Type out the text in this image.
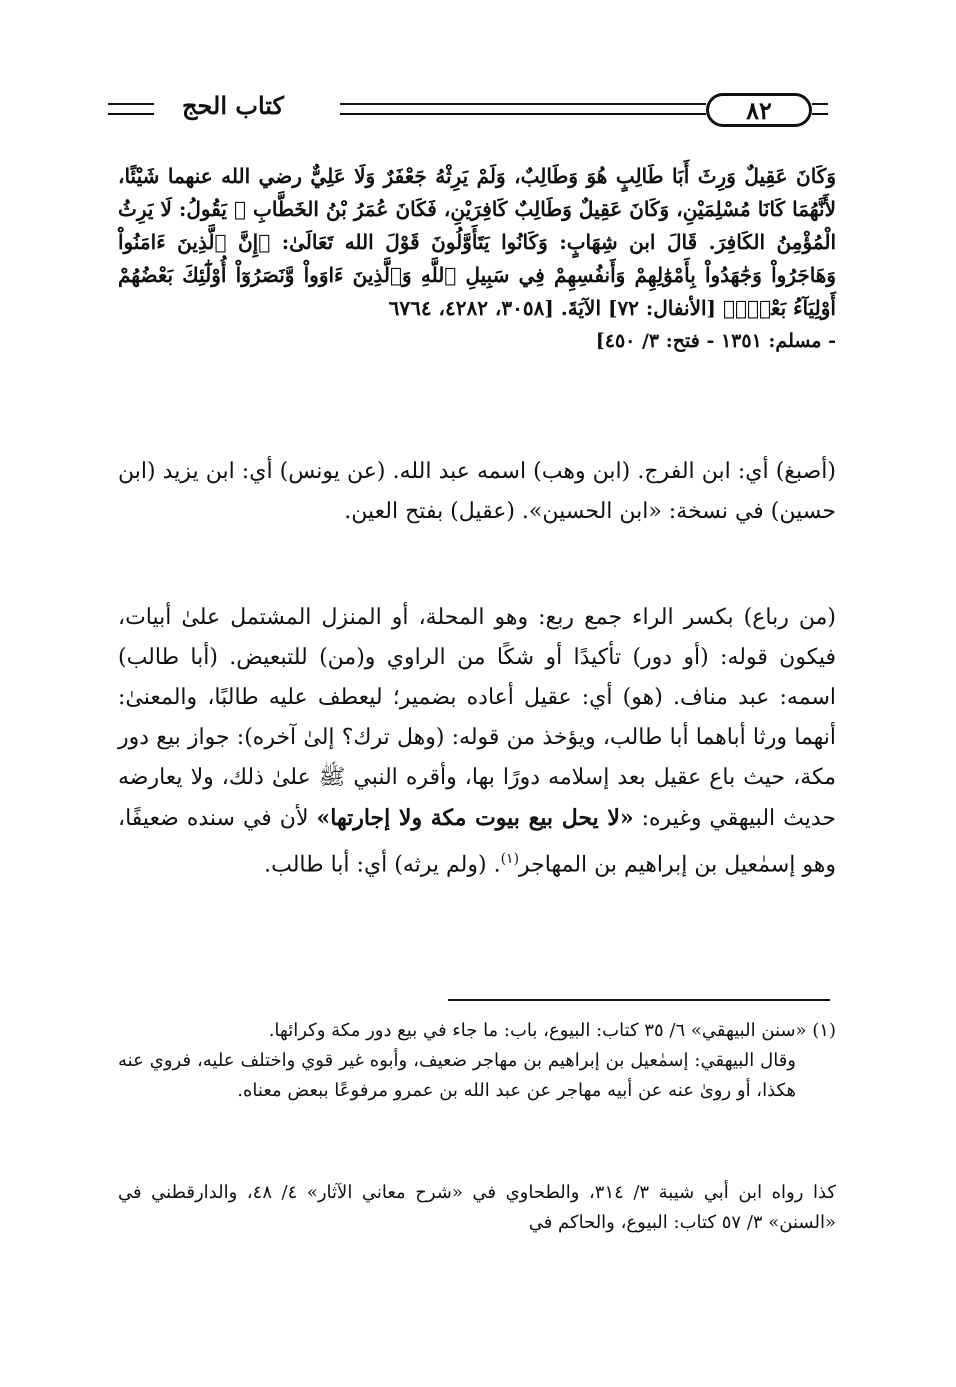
٨٢
كتاب الحج
وَكَانَ عَقِيلٌ وَرِثَ أَبَا طَالِبٍ هُوَ وَطَالِبٌ، وَلَمْ يَرِثْهُ جَعْفَرٌ وَلَا عَلِيٌّ رضي الله عنهما شَيْئًا، لأَنَّهُمَا كَانَا مُسْلِمَيْنِ، وَكَانَ عَقِيلٌ وَطَالِبٌ كَافِرَيْنِ، فَكَانَ عُمَرُ بْنُ الخَطَّابِ ﷺ يَقُولُ: لَا يَرِثُ الْمُؤْمِنُ الكَافِرَ. قَالَ ابن شِهَابٍ: وَكَانُوا يَتَأَوَّلُونَ قَوْلَ الله تَعَالَىٰ: ﴿إِنَّ ٱلَّذِينَ ءَامَنُواْ وَهَاجَرُواْ وَجَٰهَدُواْ بِأَمْوَٰلِهِمْ وَأَنفُسِهِمْ فِي سَبِيلِ ٱللَّهِ وَٱلَّذِينَ ءَاوَواْ وَّنَصَرُوٓاْ أُوْلَٰٓئِكَ بَعْضُهُمْ أَوْلِيَآءُ بَعْضٍۚ﴾ [الأنفال: ٧٢] الآيَةَ. [٣٠٥٨، ٤٢٨٢، ٦٧٦٤
- مسلم: ١٣٥١ - فتح: ٣/ ٤٥٠]
(أصبغ) أي: ابن الفرج. (ابن وهب) اسمه عبد الله. (عن يونس) أي: ابن يزيد (ابن حسين) في نسخة: «ابن الحسين». (عقيل) بفتح العين.
(من رباع) بكسر الراء جمع ربع: وهو المحلة، أو المنزل المشتمل علىٰ أبيات، فيكون قوله: (أو دور) تأكيدًا أو شكًا من الراوي و(من) للتبعيض. (أبا طالب) اسمه: عبد مناف. (هو) أي: عقيل أعاده بضمير؛ ليعطف عليه طالبًا، والمعنىٰ: أنهما ورثا أباهما أبا طالب، ويؤخذ من قوله: (وهل ترك؟ إلىٰ آخره): جواز بيع دور مكة، حيث باع عقيل بعد إسلامه دورًا بها، وأقره النبي ﷺ علىٰ ذلك، ولا يعارضه حديث البيهقي وغيره: «لا يحل بيع بيوت مكة ولا إجارتها» لأن في سنده ضعيفًا، وهو إسمٰعيل بن إبراهيم بن المهاجر$^{(١)}$. (ولم يرثه) أي: أبا طالب.
(١) «سنن البيهقي» ٦/ ٣٥ كتاب: البيوع، باب: ما جاء في بيع دور مكة وكرائها.
وقال البيهقي: إسمٰعيل بن إبراهيم بن مهاجر ضعيف، وأبوه غير قوي واختلف عليه، فروي عنه هكذا، أو روىٰ عنه عن أبيه مهاجر عن عبد الله بن عمرو مرفوعًا ببعض معناه.
كذا رواه ابن أبي شيبة ٣/ ٣١٤، والطحاوي في «شرح معاني الآثار» ٤/ ٤٨، والدارقطني في «السنن» ٣/ ٥٧ كتاب: البيوع، والحاكم في
